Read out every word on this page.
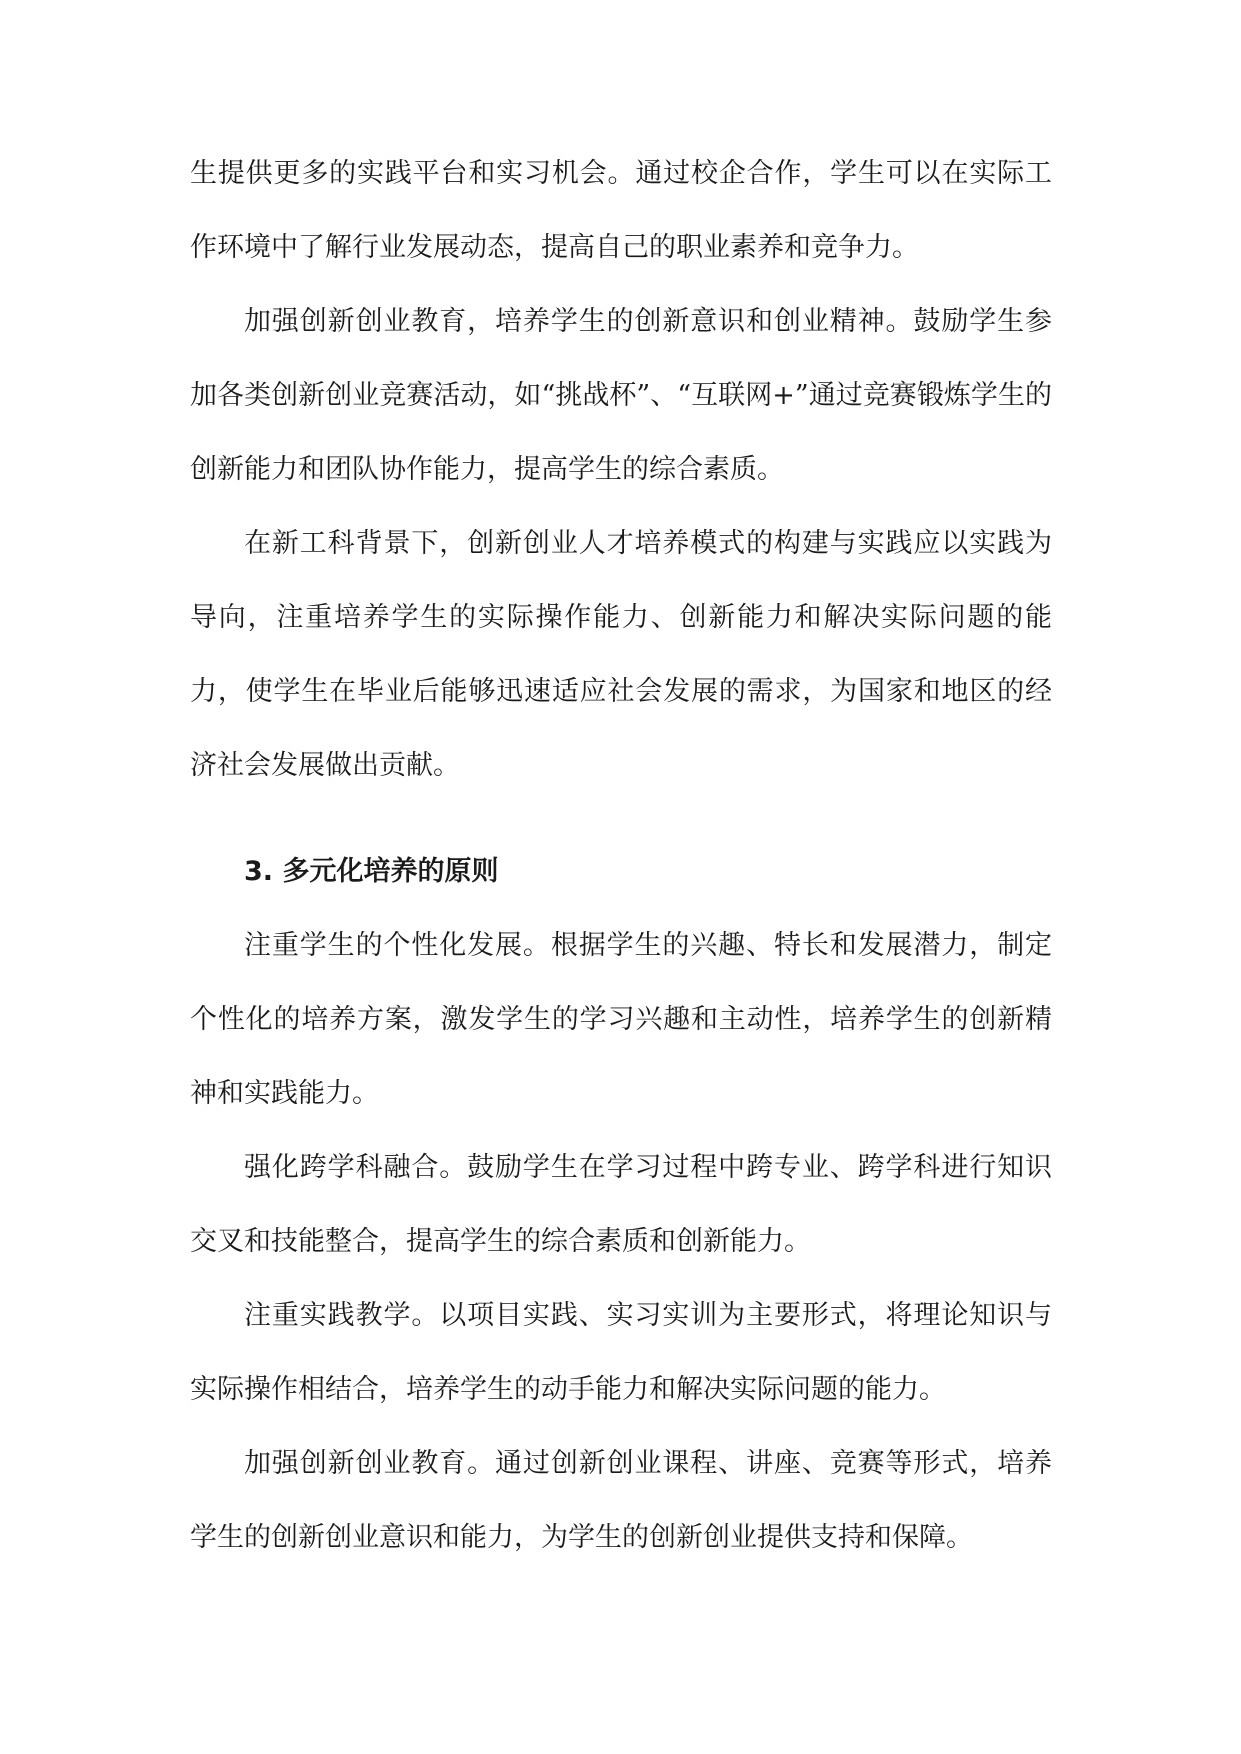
生提供更多的实践平台和实习机会。通过校企合作，学生可以在实际工作环境中了解行业发展动态，提高自己的职业素养和竞争力。

加强创新创业教育，培养学生的创新意识和创业精神。鼓励学生参加各类创新创业竞赛活动，如“挑战杯”、“互联网+”通过竞赛锻炼学生的创新能力和团队协作能力，提高学生的综合素质。

在新工科背景下，创新创业人才培养模式的构建与实践应以实践为导向，注重培养学生的实际操作能力、创新能力和解决实际问题的能力，使学生在毕业后能够迅速适应社会发展的需求，为国家和地区的经济社会发展做出贡献。

3. 多元化培养的原则

注重学生的个性化发展。根据学生的兴趣、特长和发展潜力，制定个性化的培养方案，激发学生的学习兴趣和主动性，培养学生的创新精神和实践能力。

强化跨学科融合。鼓励学生在学习过程中跨专业、跨学科进行知识交叉和技能整合，提高学生的综合素质和创新能力。

注重实践教学。以项目实践、实习实训为主要形式，将理论知识与实际操作相结合，培养学生的动手能力和解决实际问题的能力。

加强创新创业教育。通过创新创业课程、讲座、竞赛等形式，培养学生的创新创业意识和能力，为学生的创新创业提供支持和保障。
